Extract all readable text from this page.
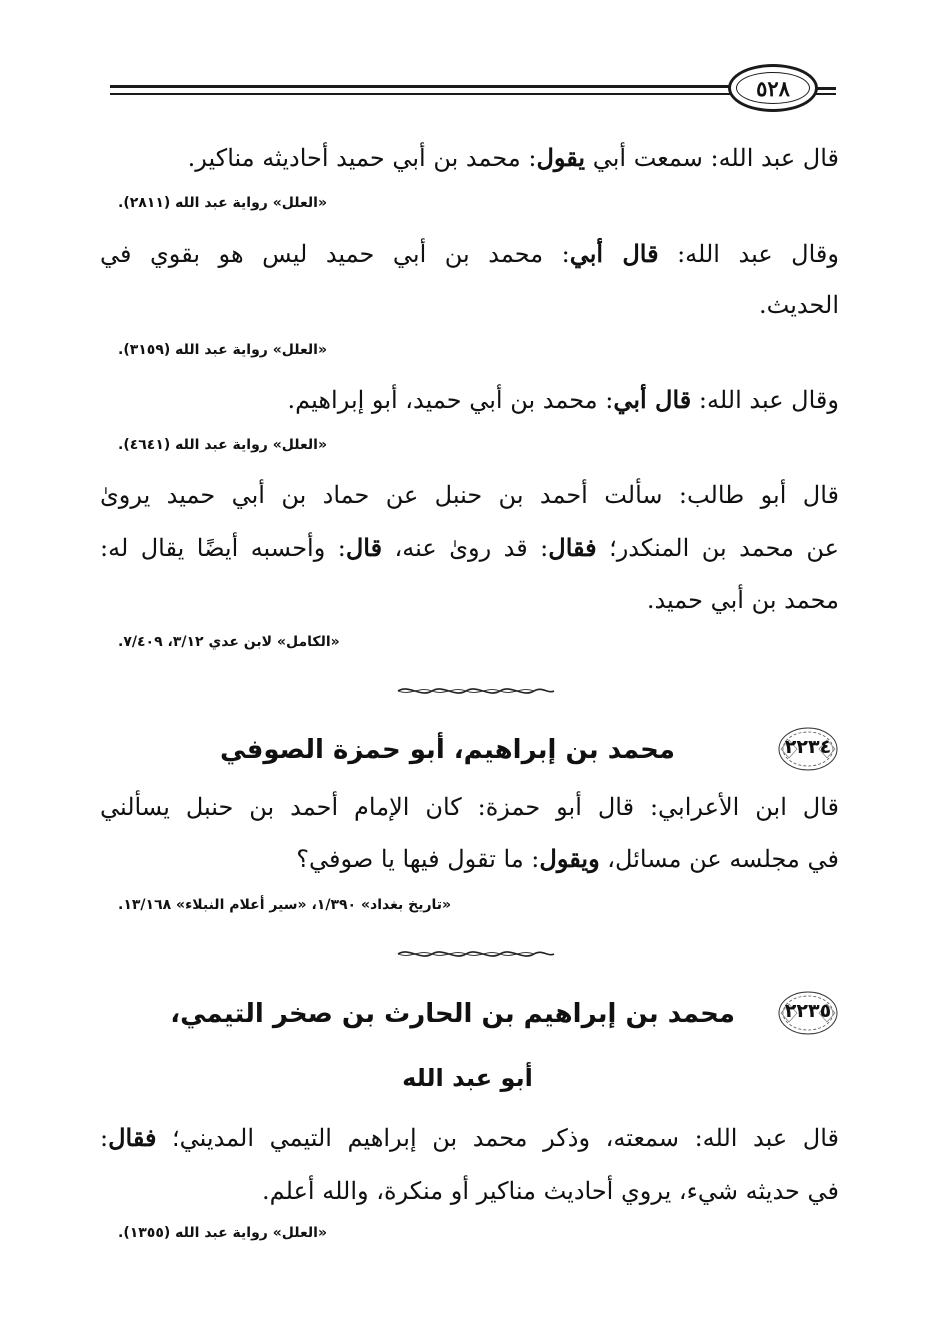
٥٢٨
قال عبد الله: سمعت أبي يقول: محمد بن أبي حميد أحاديثه مناكير.
«العلل» رواية عبد الله (٢٨١١).
وقال عبد الله: قال أبي: محمد بن أبي حميد ليس هو بقوي في
الحديث.
«العلل» رواية عبد الله (٣١٥٩).
وقال عبد الله: قال أبي: محمد بن أبي حميد، أبو إبراهيم.
«العلل» رواية عبد الله (٤٦٤١).
قال أبو طالب: سألت أحمد بن حنبل عن حماد بن أبي حميد يروىٰ
عن محمد بن المنكدر؛ فقال: قد روىٰ عنه، قال: وأحسبه أيضًا يقال له:
محمد بن أبي حميد.
«الكامل» لابن عدي ٣/١٢، ٧/٤٠٩.
٢٢٣٤
محمد بن إبراهيم، أبو حمزة الصوفي
قال ابن الأعرابي: قال أبو حمزة: كان الإمام أحمد بن حنبل يسألني
في مجلسه عن مسائل، ويقول: ما تقول فيها يا صوفي؟
«تاريخ بغداد» ١/٣٩٠، «سير أعلام النبلاء» ١٣/١٦٨.
٢٢٣٥
محمد بن إبراهيم بن الحارث بن صخر التيمي،
أبو عبد الله
قال عبد الله: سمعته، وذكر محمد بن إبراهيم التيمي المديني؛ فقال:
في حديثه شيء، يروي أحاديث مناكير أو منكرة، والله أعلم.
«العلل» رواية عبد الله (١٣٥٥).
